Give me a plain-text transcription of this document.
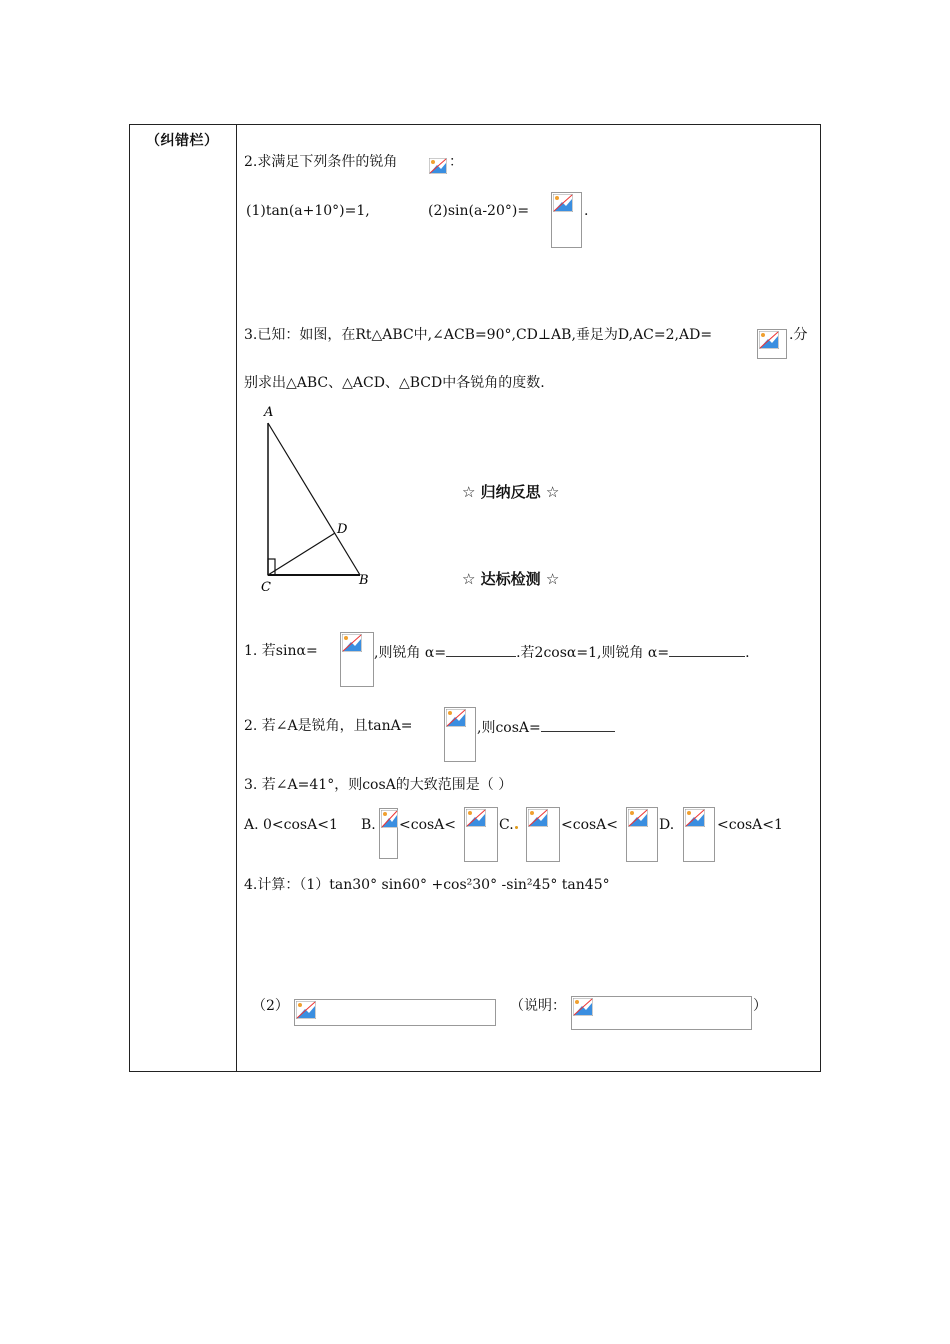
（纠错栏）
2.求满足下列条件的锐角	：
(1)tan(a+10°)=1,	(2)sin(a-20°)=	.
3.已知：如图，在Rt△ABC中,∠ACB=90°,CD⊥AB,垂足为D,AC=2,AD=	.分
别求出△ABC、△ACD、△BCD中各锐角的度数.
A
D
C	B
☆ 归纳反思 ☆
☆ 达标检测 ☆
1. 若sinα=	,则锐角 α=	.若2cosα=1,则锐角 α=	.
2. 若∠A是锐角，且tanA=	,则cosA=
3. 若∠A=41°，则cosA的大致范围是（ ）
A. 0<cosA<1 B. <cosA<	C.	<cosA<	D.	<cosA<1
4.计算：（1）tan30° sin60° +cos²30° -sin²45° tan45°
（2）	（说明：	）
